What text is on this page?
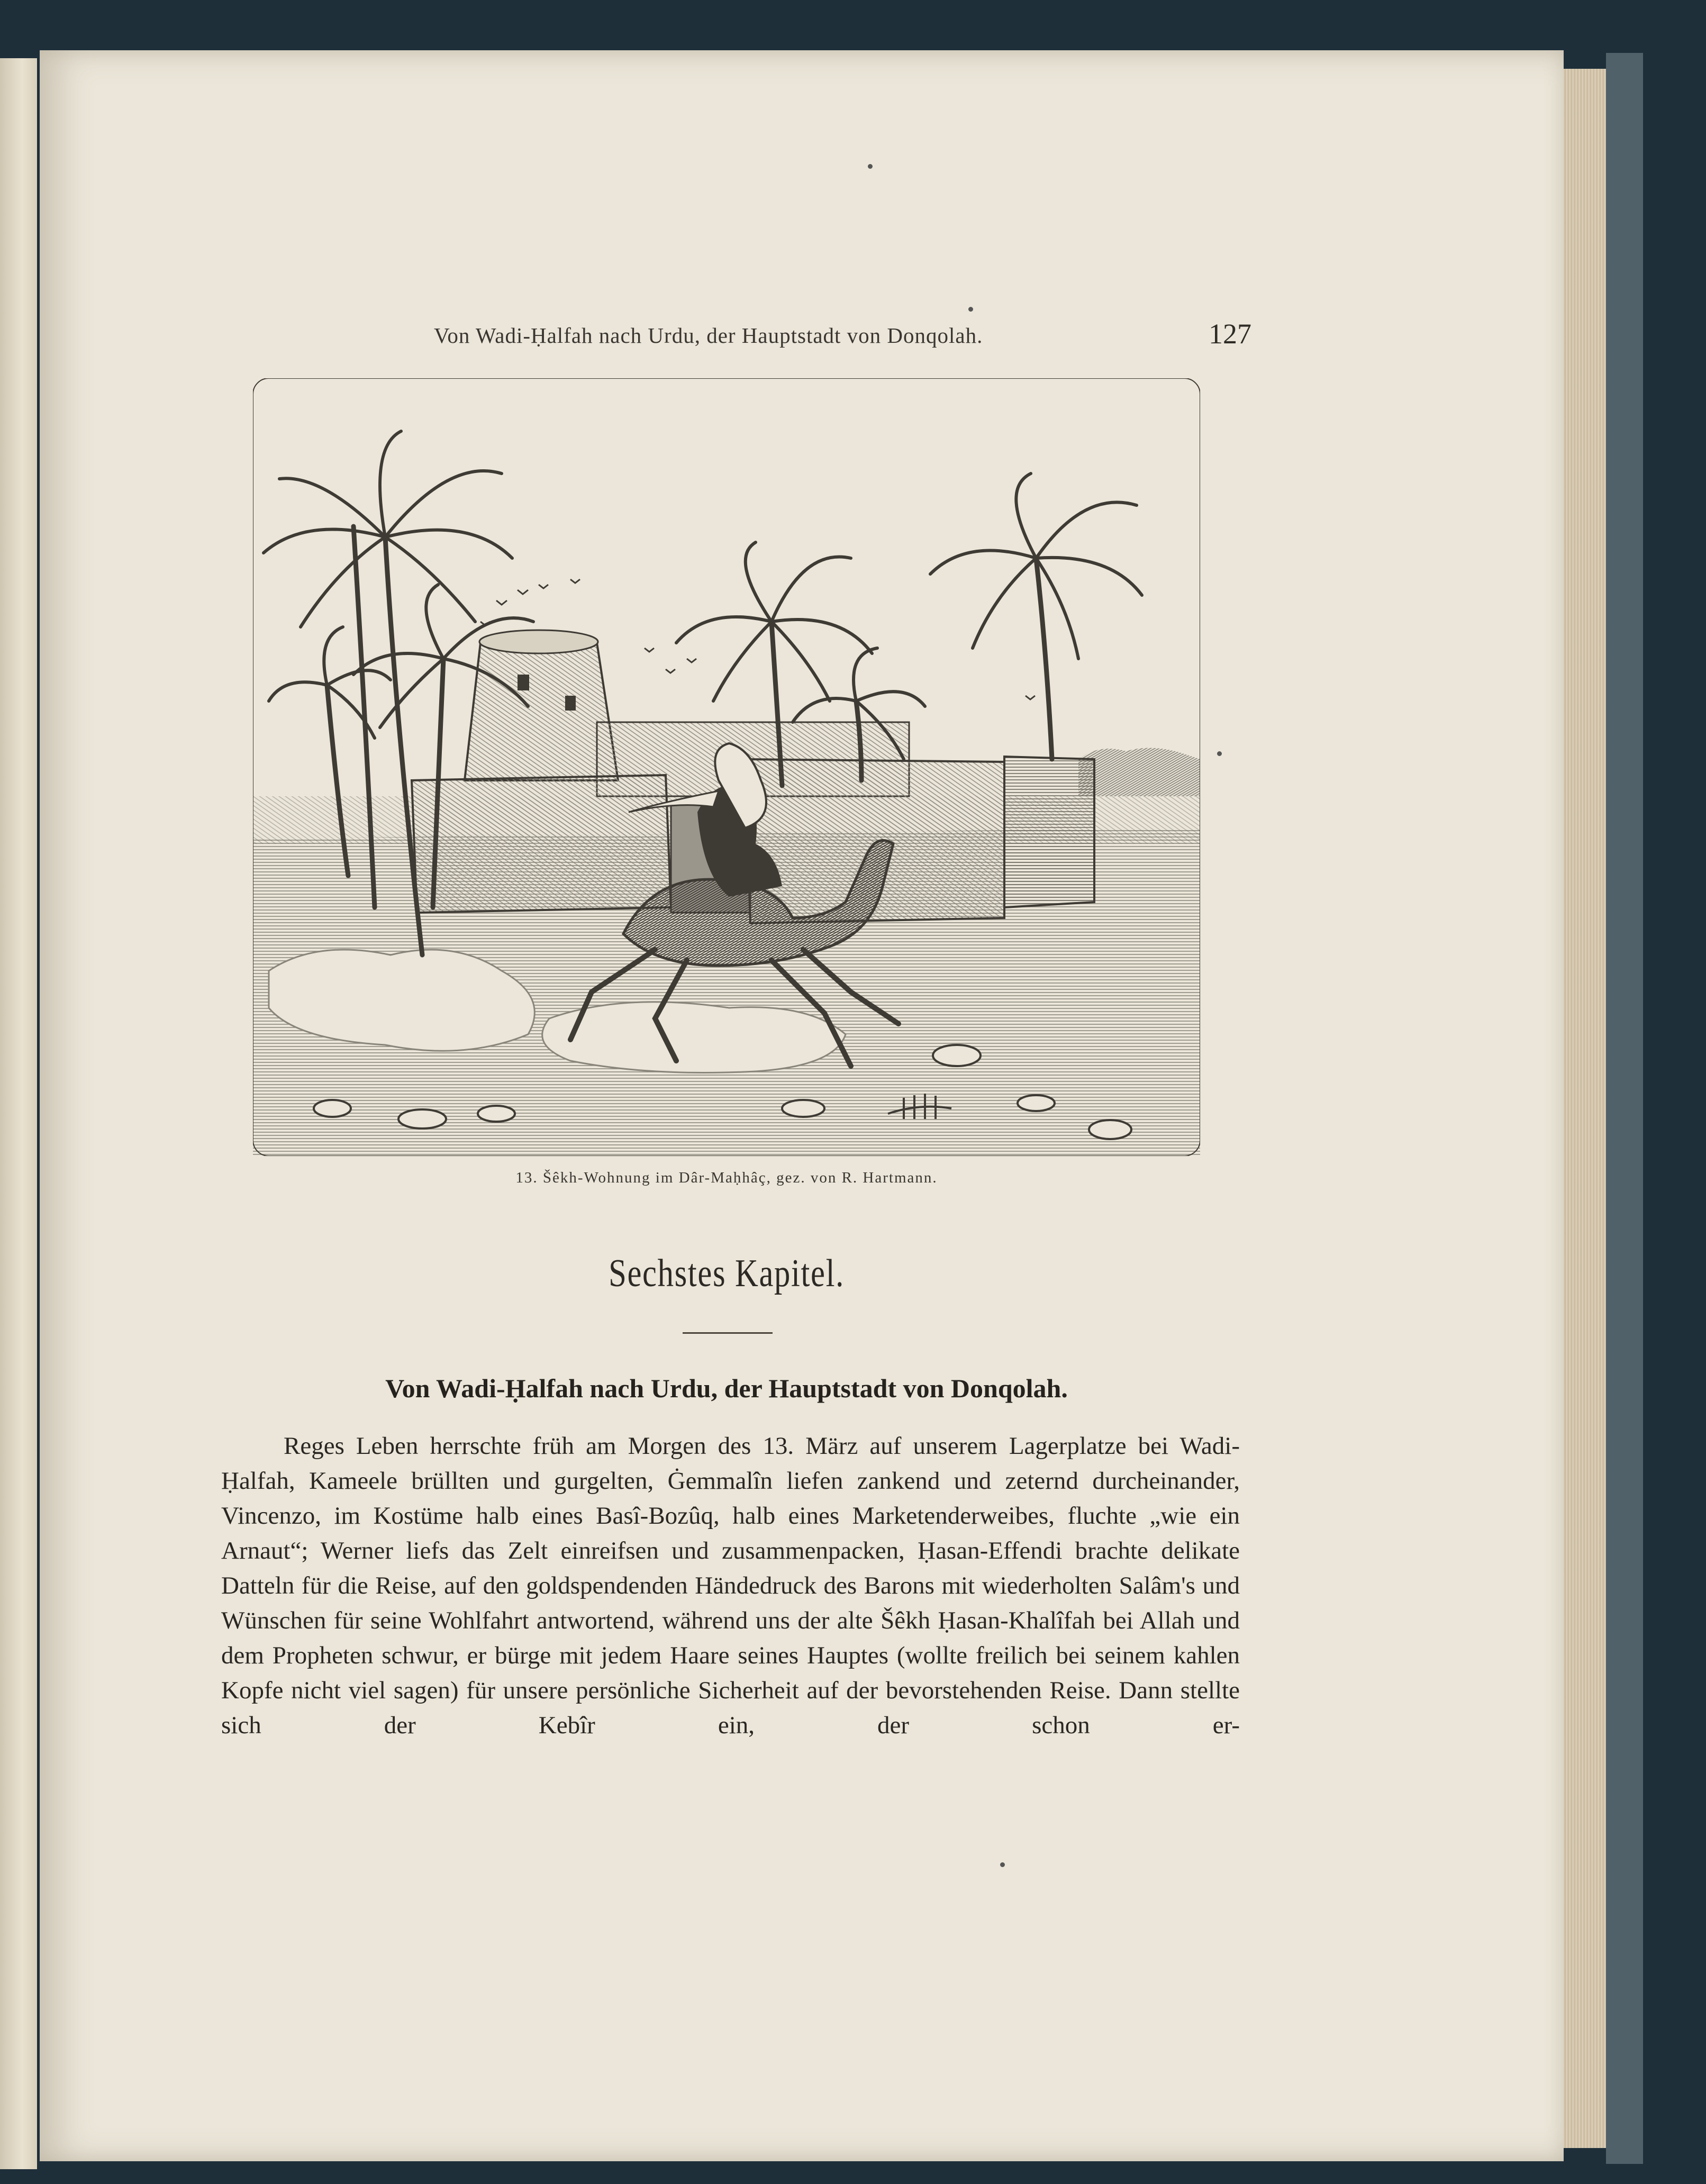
Von Wadi-Ḥalfah nach Urdu, der Hauptstadt von Donqolah.	127
13. Šêkh-Wohnung im Dâr-Maḥhâç, gez. von R. Hartmann.
Sechstes Kapitel.
Von Wadi-Ḥalfah nach Urdu, der Hauptstadt von Donqolah.

Reges Leben herrschte früh am Morgen des 13. März auf unserem Lagerplatze bei Wadi-Ḥalfah, Kameele brüllten und gurgelten, Ġemmalîn liefen zankend und zeternd durcheinander, Vincenzo, im Kostüme halb eines Basî-Bozûq, halb eines Marketenderweibes, fluchte „wie ein Arnaut“; Werner liefs das Zelt einreifsen und zusammenpacken, Ḥasan-Effendi brachte delikate Datteln für die Reise, auf den goldspendenden Händedruck des Barons mit wiederholten Salâm's und Wünschen für seine Wohlfahrt antwortend, während uns der alte Šêkh Ḥasan-Khalîfah bei Allah und dem Propheten schwur, er bürge mit jedem Haare seines Hauptes (wollte freilich bei seinem kahlen Kopfe nicht viel sagen) für unsere persönliche Sicherheit auf der bevorstehenden Reise. Dann stellte sich der Kebîr ein, der schon er-
